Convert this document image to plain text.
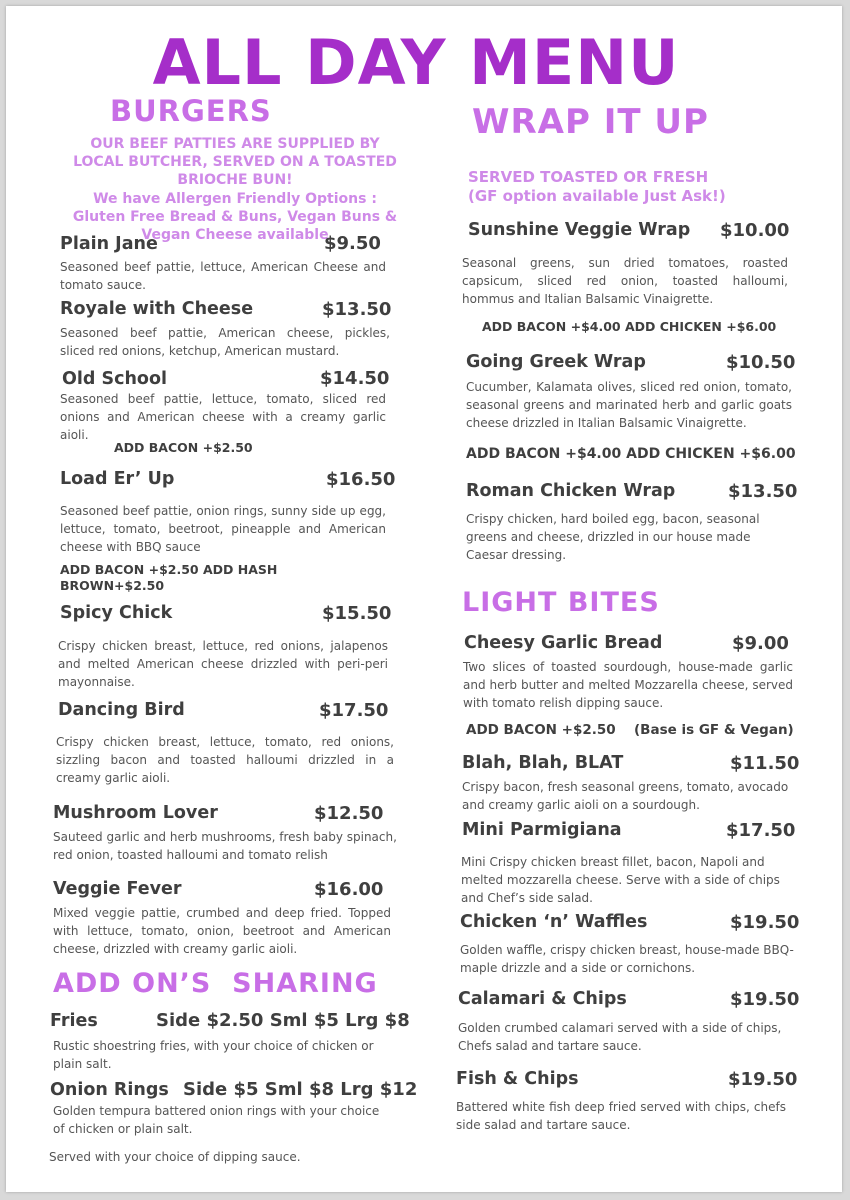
ALL DAY MENU
BURGERS
OUR BEEF PATTIES ARE SUPPLIED BY LOCAL BUTCHER, SERVED ON A TOASTED BRIOCHE BUN!
We have Allergen Friendly Options : Gluten Free Bread & Buns, Vegan Buns & Vegan Cheese available
Plain Jane	$9.50
Seasoned beef pattie, lettuce, American Cheese and tomato sauce.
Royale with Cheese	$13.50
Seasoned beef pattie, American cheese, pickles, sliced red onions, ketchup, American mustard.
Old School	$14.50
Seasoned beef pattie, lettuce, tomato, sliced red onions and American cheese with a creamy garlic aioli.
ADD BACON +$2.50
Load Er’ Up	$16.50
Seasoned beef pattie, onion rings, sunny side up egg, lettuce, tomato, beetroot, pineapple and American cheese with BBQ sauce
ADD BACON +$2.50 ADD HASH BROWN+$2.50
Spicy Chick	$15.50
Crispy chicken breast, lettuce, red onions, jalapenos and melted American cheese drizzled with peri-peri mayonnaise.
Dancing Bird	$17.50
Crispy chicken breast, lettuce, tomato, red onions, sizzling bacon and toasted halloumi drizzled in a creamy garlic aioli.
Mushroom Lover	$12.50
Sauteed garlic and herb mushrooms, fresh baby spinach, red onion, toasted halloumi and tomato relish
Veggie Fever	$16.00
Mixed veggie pattie, crumbed and deep fried. Topped with lettuce, tomato, onion, beetroot and American cheese, drizzled with creamy garlic aioli.
ADD ON’S  SHARING
Fries	Side $2.50 Sml $5 Lrg $8
Rustic shoestring fries, with your choice of chicken or plain salt.
Onion Rings Side $5 Sml $8 Lrg $12
Golden tempura battered onion rings with your choice of chicken or plain salt.
Served with your choice of dipping sauce.
WRAP IT UP
SERVED TOASTED OR FRESH
(GF option available Just Ask!)
Sunshine Veggie Wrap $10.00
Seasonal greens, sun dried tomatoes, roasted capsicum, sliced red onion, toasted halloumi, hommus and Italian Balsamic Vinaigrette.
ADD BACON +$4.00 ADD CHICKEN +$6.00
Going Greek Wrap	$10.50
Cucumber, Kalamata olives, sliced red onion, tomato, seasonal greens and marinated herb and garlic goats cheese drizzled in Italian Balsamic Vinaigrette.
ADD BACON +$4.00 ADD CHICKEN +$6.00
Roman Chicken Wrap	$13.50
Crispy chicken, hard boiled egg, bacon, seasonal greens and cheese, drizzled in our house made Caesar dressing.
LIGHT BITES
Cheesy Garlic Bread	$9.00
Two slices of toasted sourdough, house-made garlic and herb butter and melted Mozzarella cheese, served with tomato relish dipping sauce.
ADD BACON +$2.50 (Base is GF & Vegan)
Blah, Blah, BLAT	$11.50
Crispy bacon, fresh seasonal greens, tomato, avocado and creamy garlic aioli on a sourdough.
Mini Parmigiana	$17.50
Mini Crispy chicken breast fillet, bacon, Napoli and melted mozzarella cheese. Serve with a side of chips and Chef’s side salad.
Chicken ‘n’ Waffles	$19.50
Golden waffle, crispy chicken breast, house-made BBQ-maple drizzle and a side or cornichons.
Calamari & Chips	$19.50
Golden crumbed calamari served with a side of chips, Chefs salad and tartare sauce.
Fish & Chips	$19.50
Battered white fish deep fried served with chips, chefs side salad and tartare sauce.
